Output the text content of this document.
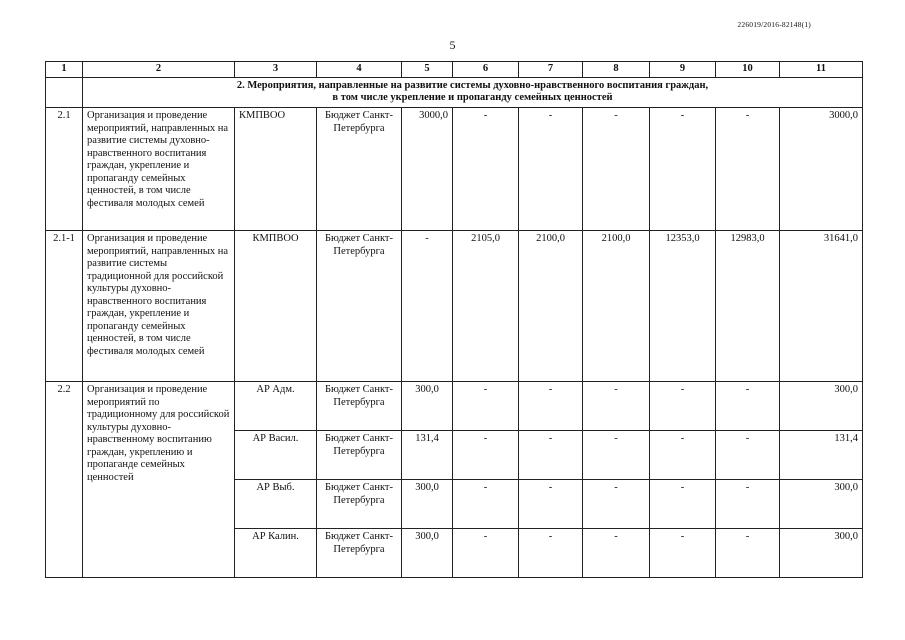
226019/2016-82148(1)
5
1	2	3	4	5	6	7	8	9	10	11

	2. Мероприятия, направленные на развитие системы духовно-нравственного воспитания граждан,
в том числе укрепление и пропаганду семейных ценностей									

2.1	Организация и проведение мероприятий, направленных на развитие системы духовно-нравственного воспитания граждан, укрепление и пропаганду семейных ценностей, в том числе фестиваля молодых семей	КМПВОО	Бюджет Санкт-Петербурга	3000,0	-	-	-	-	-	3000,0
2.1-1	Организация и проведение мероприятий, направленных на развитие системы традиционной для российской культуры духовно-нравственного воспитания граждан, укрепление и пропаганду семейных ценностей, в том числе фестиваля молодых семей	КМПВОО	Бюджет Санкт-Петербурга	-	2105,0	2100,0	2100,0	12353,0	12983,0	31641,0
2.2	Организация и проведение мероприятий по традиционному для российской культуры духовно-нравственному воспитанию граждан, укреплению и пропаганде семейных ценностей	АР Адм.	Бюджет Санкт-Петербурга	300,0	-	-	-	-	-	300,0
		АР Васил.	Бюджет Санкт-Петербурга	131,4	-	-	-	-	-	131,4
		АР Выб.	Бюджет Санкт-Петербурга	300,0	-	-	-	-	-	300,0
		АР Калин.	Бюджет Санкт-Петербурга	300,0	-	-	-	-	-	300,0
